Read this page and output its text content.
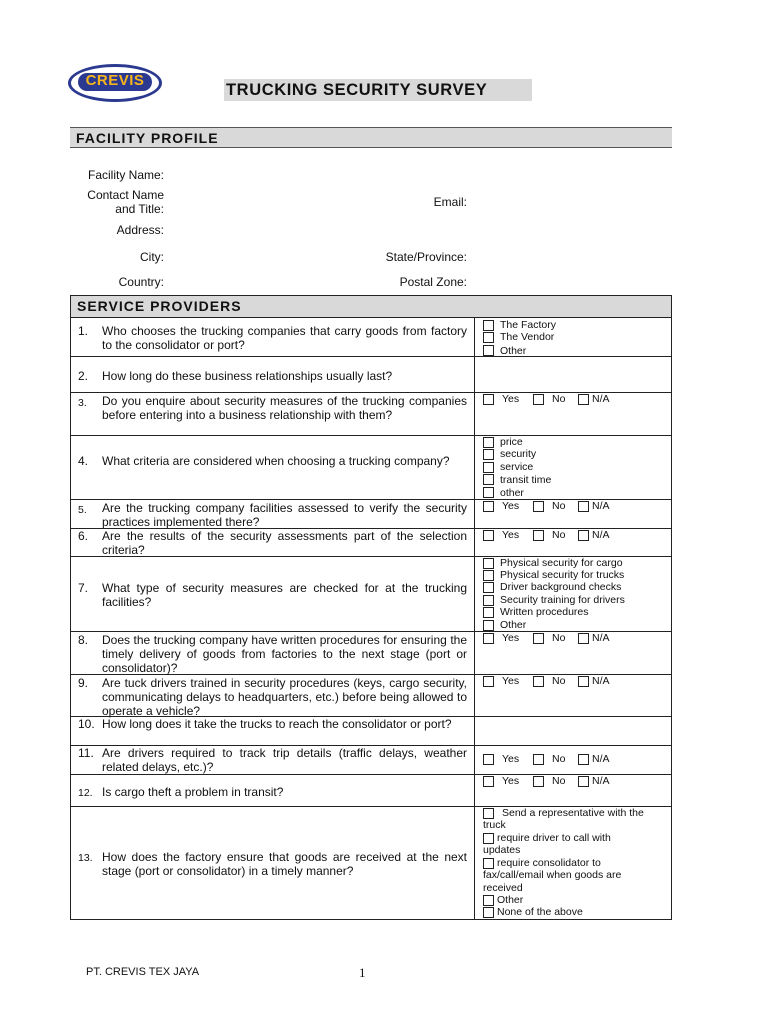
CREVIS
TRUCKING SECURITY SURVEY
FACILITY PROFILE
Facility Name:
Contact Name
and Title:	Email:
Address:
City:	State/Province:
Country:	Postal Zone:
SERVICE PROVIDERS
1. Who chooses the trucking companies that carry goods from factory to the consolidator or port?
The Factory
The Vendor
Other
2. How long do these business relationships usually last?
3. Do you enquire about security measures of the trucking companies before entering into a business relationship with them?
Yes	No	N/A
4. What criteria are considered when choosing a trucking company?
price
security
service
transit time
other
5. Are the trucking company facilities assessed to verify the security practices implemented there?
Yes	No	N/A
6. Are the results of the security assessments part of the selection criteria?
Yes	No	N/A
7. What type of security measures are checked for at the trucking facilities?
Physical security for cargo
Physical security for trucks
Driver background checks
Security training for drivers
Written procedures
Other
8. Does the trucking company have written procedures for ensuring the timely delivery of goods from factories to the next stage (port or consolidator)?
Yes	No	N/A
9. Are tuck drivers trained in security procedures (keys, cargo security, communicating delays to headquarters, etc.) before being allowed to operate a vehicle?
Yes	No	N/A
10. How long does it take the trucks to reach the consolidator or port?
11. Are drivers required to track trip details (traffic delays, weather related delays, etc.)?
Yes	No	N/A
12. Is cargo theft a problem in transit?
Yes	No	N/A
13. How does the factory ensure that goods are received at the next stage (port or consolidator) in a timely manner?
Send a representative with the
truck
require driver to call with
updates
require consolidator to
fax/call/email when goods are
received
Other
None of the above
PT. CREVIS TEX JAYA	1
